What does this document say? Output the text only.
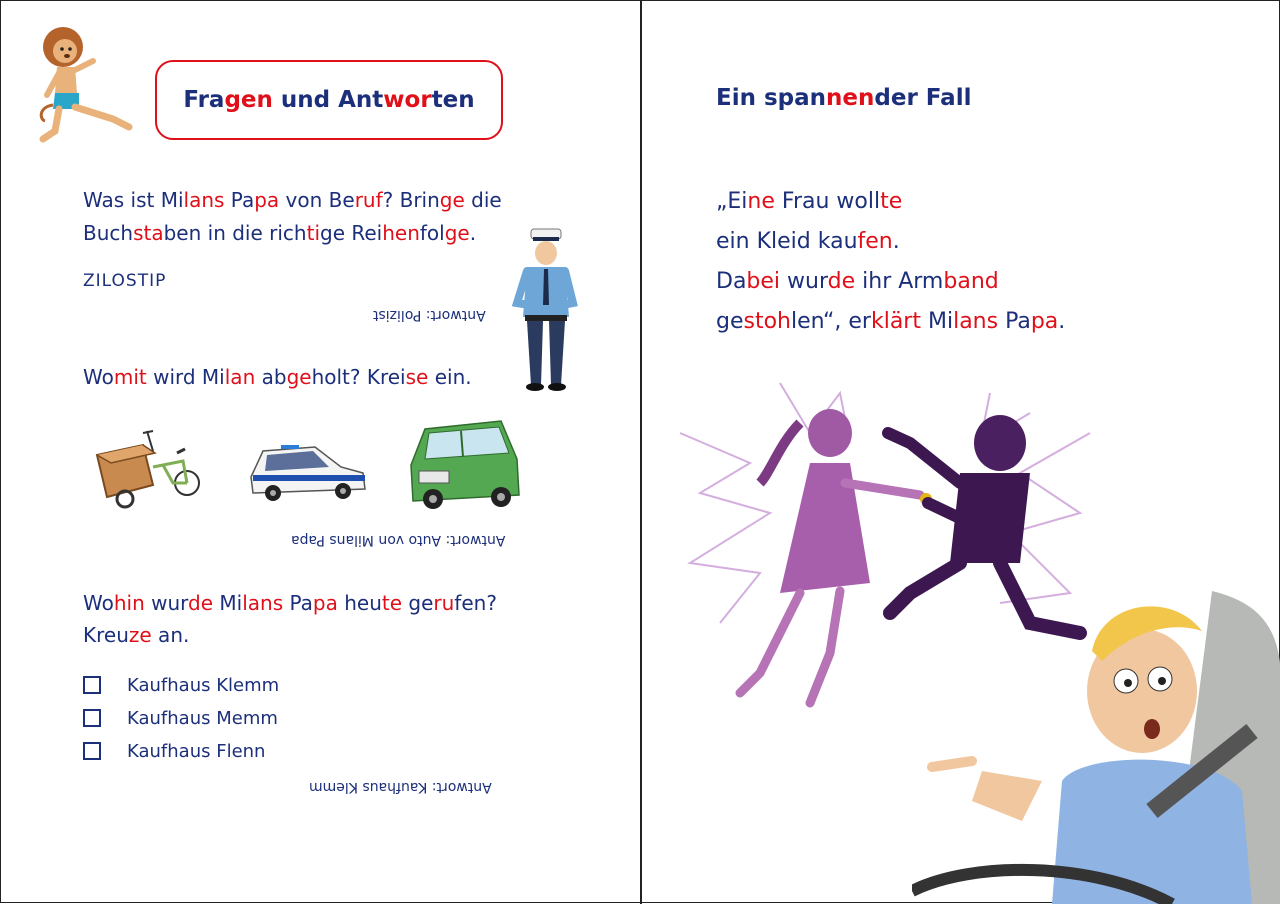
Fragen und Antworten
Was ist Milans Papa von Beruf? Bringe die
Buchstaben in die richtige Reihenfolge.
ZILOSTIP
Antwort: Polizist
Womit wird Milan abgeholt? Kreise ein.
Antwort: Auto von Milans Papa
Wohin wurde Milans Papa heute gerufen?
Kreuze an.
Kaufhaus Klemm
Kaufhaus Memm
Kaufhaus Flenn
Antwort: Kaufhaus Klemm
Ein spannender Fall
„Eine Frau wollte
ein Kleid kaufen.
Dabei wurde ihr Armband
gestohlen“, erklärt Milans Papa.
